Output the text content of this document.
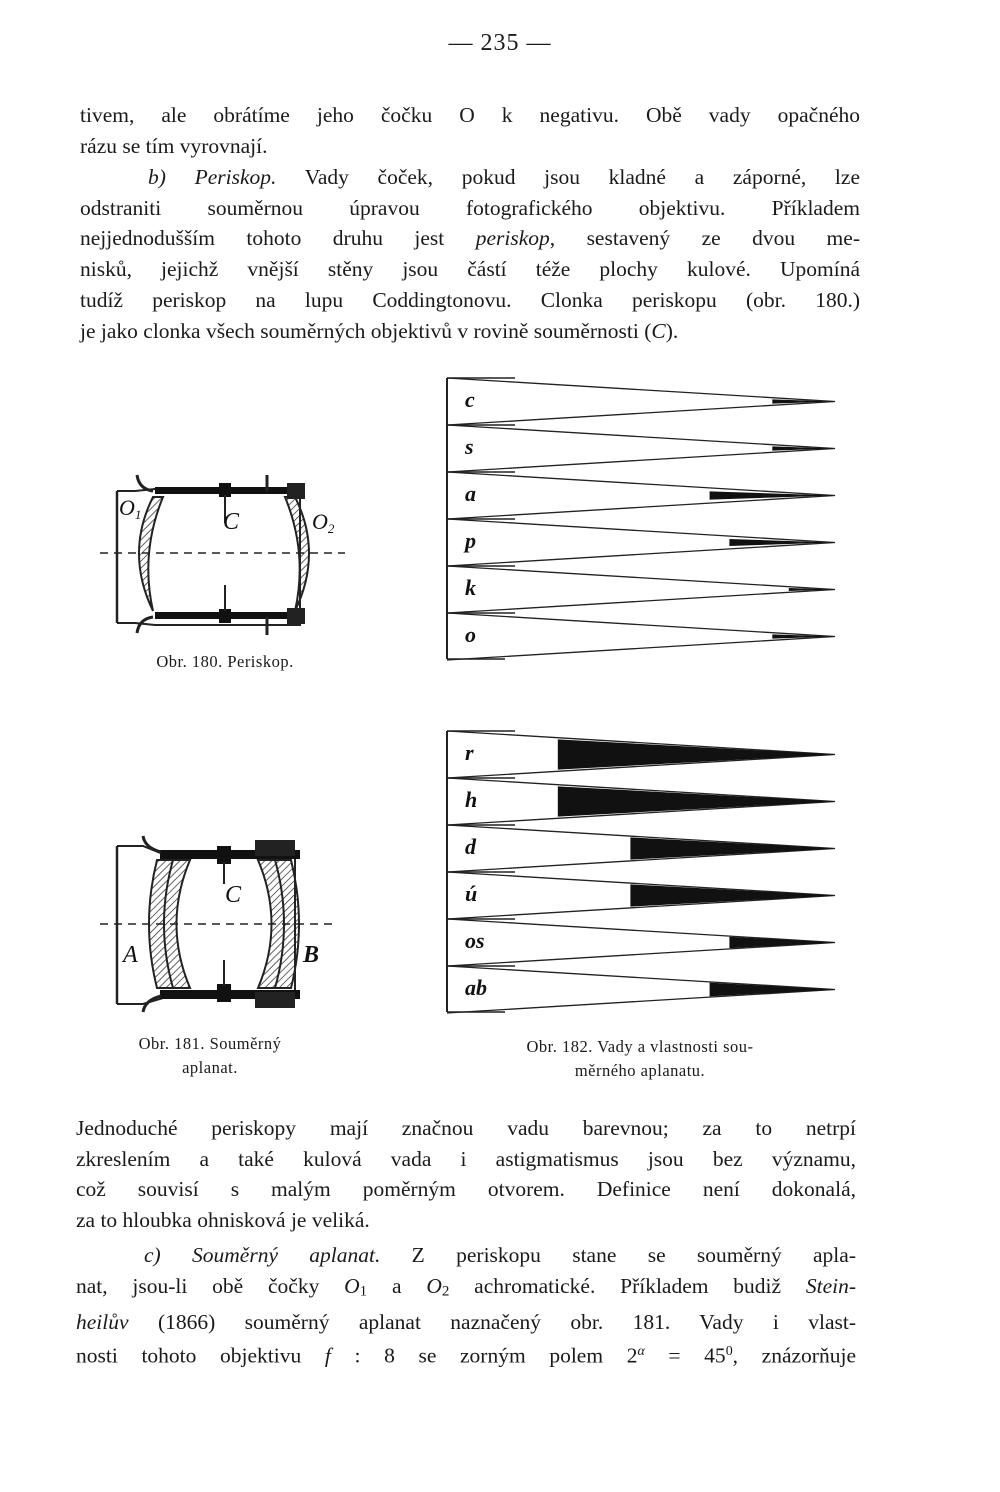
— 235 —
tivem, ale obrátíme jeho čočku O k negativu. Obě vady opačného
rázu se tím vyrovnají.
b) Periskop. Vady čoček, pokud jsou kladné a záporné, lze
odstraniti souměrnou úpravou fotografického objektivu. Příkladem
nejjednodušším tohoto druhu jest periskop, sestavený ze dvou me-
nisků, jejichž vnější stěny jsou částí téže plochy kulové. Upomíná
tudíž periskop na lupu Coddingtonovu. Clonka periskopu (obr. 180.)
je jako clonka všech souměrných objektivů v rovině souměrnosti (C).
O1	C	O2
Obr. 180. Periskop.
c
s
a
p
k
o
r
h
d
ú
os
ab
C
A	B
Obr. 181. Souměrný
aplanat.
Obr. 182. Vady a vlastnosti sou-
měrného aplanatu.
Jednoduché periskopy mají značnou vadu barevnou; za to netrpí
zkreslením a také kulová vada i astigmatismus jsou bez významu,
což souvisí s malým poměrným otvorem. Definice není dokonalá,
za to hloubka ohnisková je veliká.
c) Souměrný aplanat. Z periskopu stane se souměrný apla-
nat, jsou-li obě čočky O1 a O2 achromatické. Příkladem budiž Stein-
heilův (1866) souměrný aplanat naznačený obr. 181. Vady i vlast-
nosti tohoto objektivu f : 8 se zorným polem $2^\alpha = 45^0$, znázorňuje
